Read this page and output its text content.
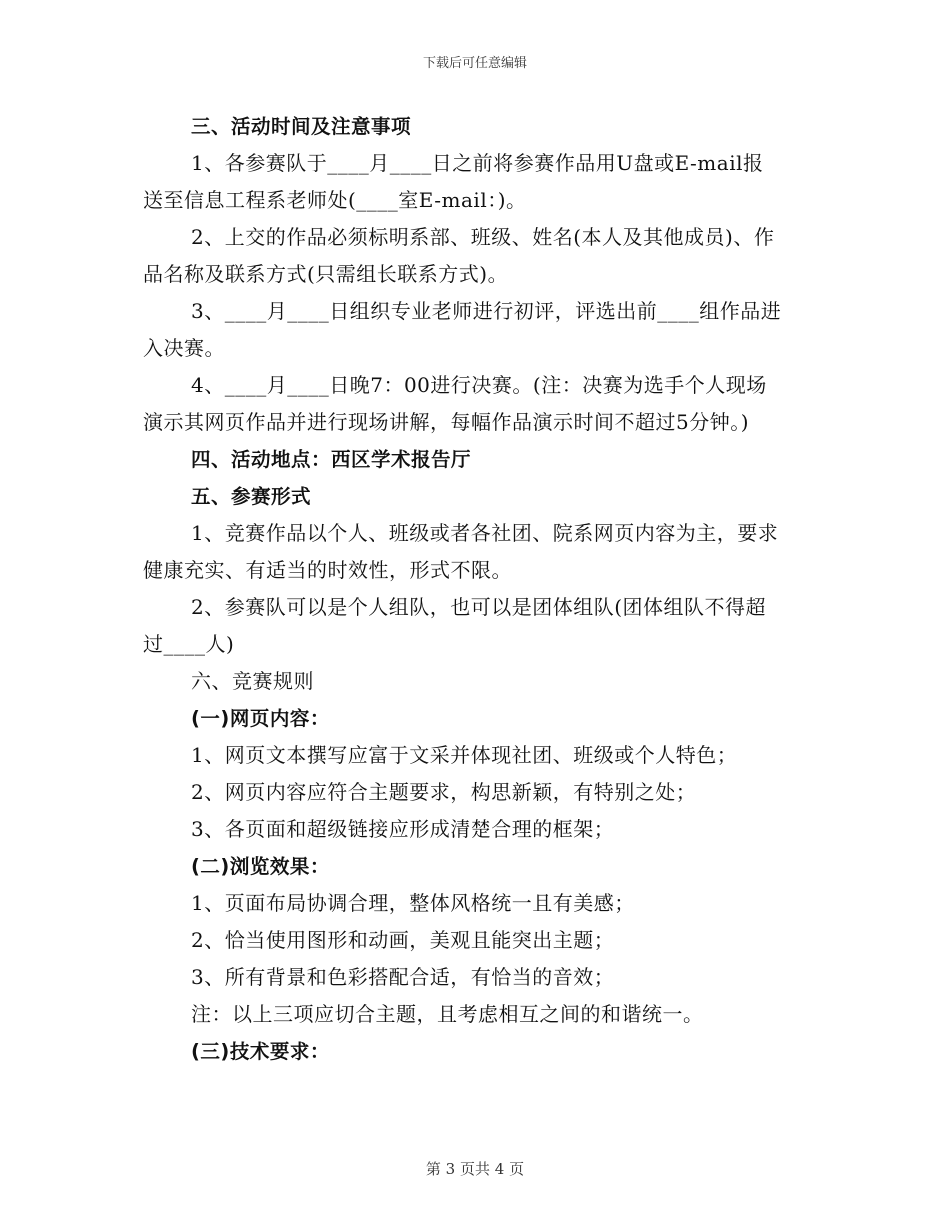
下载后可任意编辑
三、活动时间及注意事项
1、各参赛队于____月____日之前将参赛作品用U盘或E-mail报
送至信息工程系老师处(____室E-mail：)。
2、上交的作品必须标明系部、班级、姓名(本人及其他成员)、作
品名称及联系方式(只需组长联系方式)。
3、____月____日组织专业老师进行初评，评选出前____组作品进
入决赛。
4、____月____日晚7：00进行决赛。(注：决赛为选手个人现场
演示其网页作品并进行现场讲解，每幅作品演示时间不超过5分钟。)
四、活动地点：西区学术报告厅
五、参赛形式
1、竞赛作品以个人、班级或者各社团、院系网页内容为主，要求
健康充实、有适当的时效性，形式不限。
2、参赛队可以是个人组队，也可以是团体组队(团体组队不得超
过____人)
六、竞赛规则
(一)网页内容：
1、网页文本撰写应富于文采并体现社团、班级或个人特色；
2、网页内容应符合主题要求，构思新颖，有特别之处；
3、各页面和超级链接应形成清楚合理的框架；
(二)浏览效果：
1、页面布局协调合理，整体风格统一且有美感；
2、恰当使用图形和动画，美观且能突出主题；
3、所有背景和色彩搭配合适，有恰当的音效；
注：以上三项应切合主题，且考虑相互之间的和谐统一。
(三)技术要求：
第 3 页共 4 页
